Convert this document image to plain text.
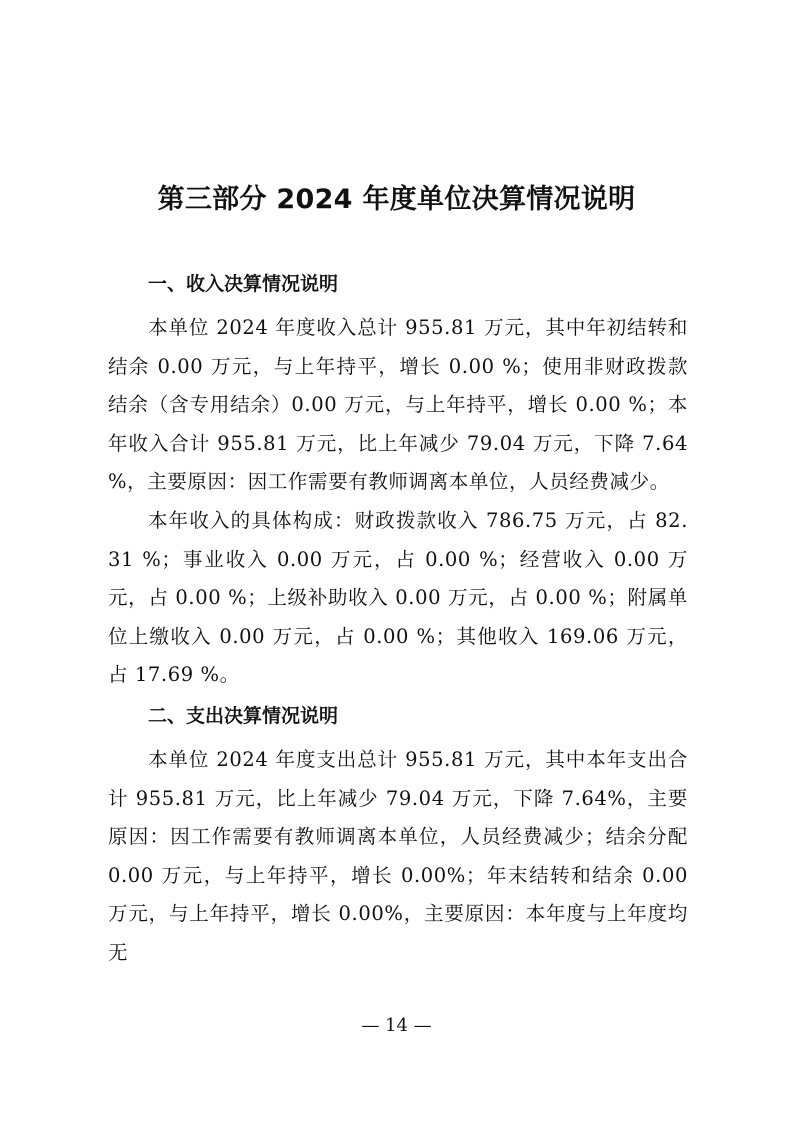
第三部分 2024 年度单位决算情况说明
一、收入决算情况说明

本单位 2024 年度收入总计 955.81 万元，其中年初结转和结余 0.00 万元，与上年持平，增长 0.00 %；使用非财政拨款结余（含专用结余）0.00 万元，与上年持平，增长 0.00 %；本年收入合计 955.81 万元，比上年减少 79.04 万元，下降 7.64 %，主要原因：因工作需要有教师调离本单位，人员经费减少。

本年收入的具体构成：财政拨款收入 786.75 万元，占 82.31 %；事业收入 0.00 万元，占 0.00 %；经营收入 0.00 万元，占 0.00 %；上级补助收入 0.00 万元，占 0.00 %；附属单位上缴收入 0.00 万元，占 0.00 %；其他收入 169.06 万元，占 17.69 %。

二、支出决算情况说明

本单位 2024 年度支出总计 955.81 万元，其中本年支出合计 955.81 万元，比上年减少 79.04 万元，下降 7.64%，主要原因：因工作需要有教师调离本单位，人员经费减少；结余分配 0.00 万元，与上年持平，增长 0.00%；年末结转和结余 0.00 万元，与上年持平，增长 0.00%，主要原因：本年度与上年度均无

— 14 —
